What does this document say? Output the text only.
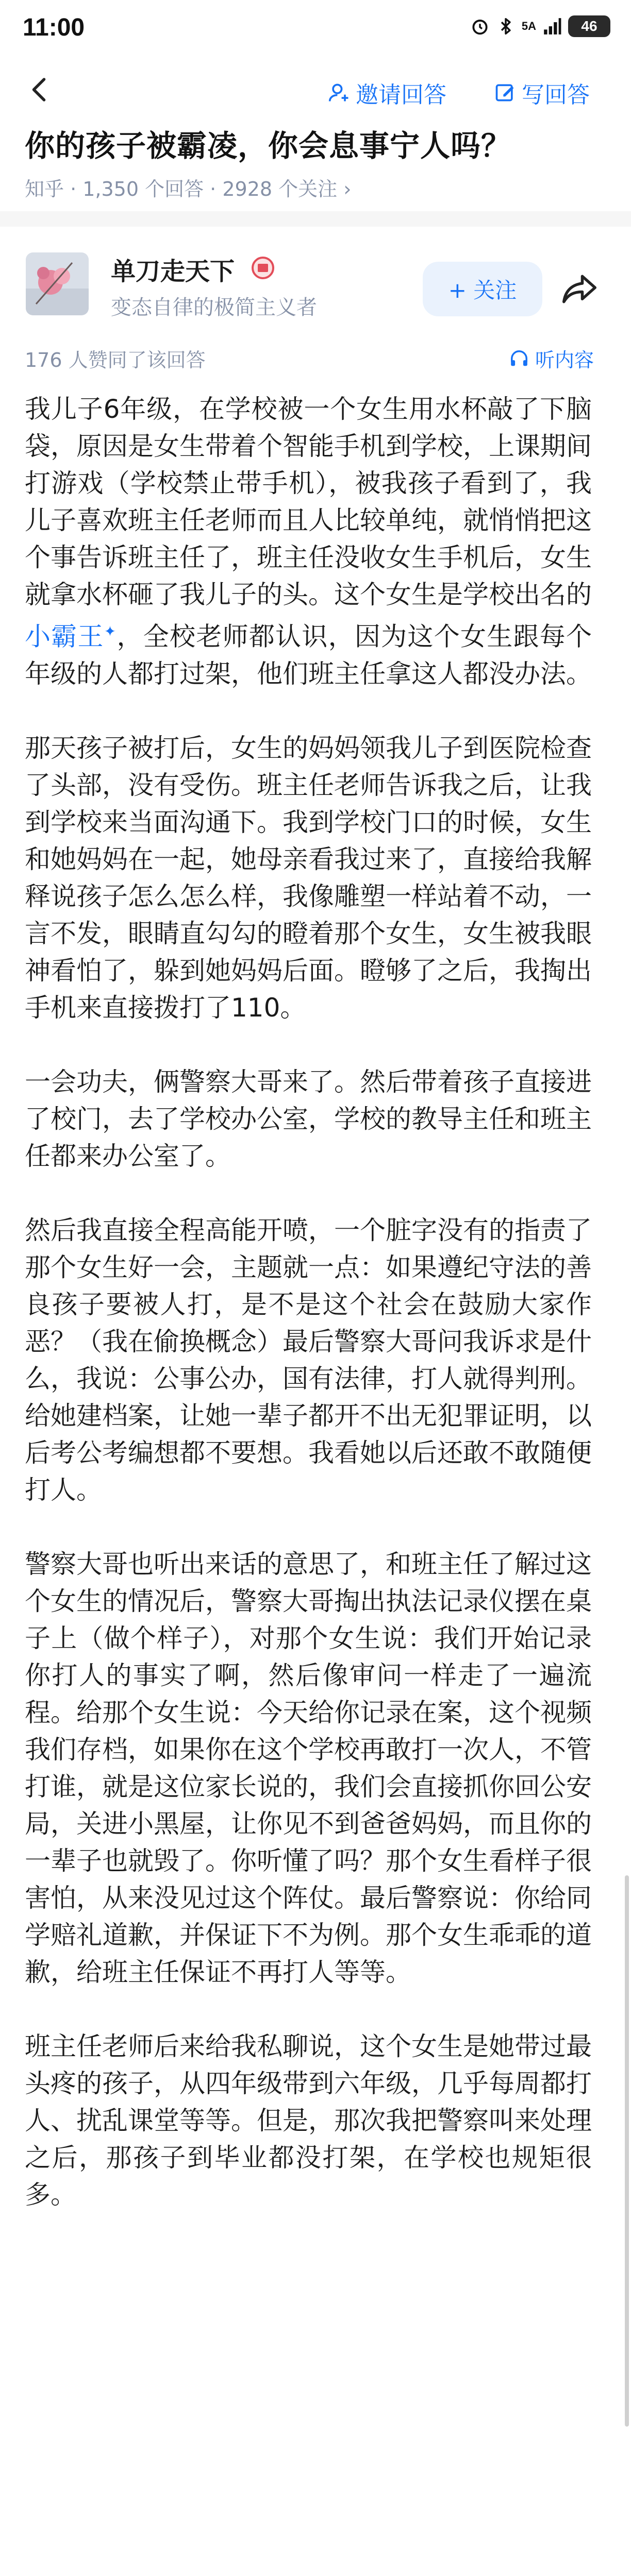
11:00	5A	46
邀请回答	写回答
你的孩子被霸凌，你会息事宁人吗？
知乎 · 1,350 个回答 · 2928 个关注 ›
单刀走天下
变态自律的极简主义者
+ 关注
176 人赞同了该回答	听内容

我儿子6年级，在学校被一个女生用水杯敲了下脑袋，原因是女生带着个智能手机到学校，上课期间打游戏（学校禁止带手机），被我孩子看到了，我儿子喜欢班主任老师而且人比较单纯，就悄悄把这个事告诉班主任了，班主任没收女生手机后，女生就拿水杯砸了我儿子的头。这个女生是学校出名的小霸王✦，全校老师都认识，因为这个女生跟每个年级的人都打过架，他们班主任拿这人都没办法。

那天孩子被打后，女生的妈妈领我儿子到医院检查了头部，没有受伤。班主任老师告诉我之后，让我到学校来当面沟通下。我到学校门口的时候，女生和她妈妈在一起，她母亲看我过来了，直接给我解释说孩子怎么怎么样，我像雕塑一样站着不动，一言不发，眼睛直勾勾的瞪着那个女生，女生被我眼神看怕了，躲到她妈妈后面。瞪够了之后，我掏出手机来直接拨打了110。

一会功夫，俩警察大哥来了。然后带着孩子直接进了校门，去了学校办公室，学校的教导主任和班主任都来办公室了。

然后我直接全程高能开喷，一个脏字没有的指责了那个女生好一会，主题就一点：如果遵纪守法的善良孩子要被人打，是不是这个社会在鼓励大家作恶？（我在偷换概念）最后警察大哥问我诉求是什么，我说：公事公办，国有法律，打人就得判刑。给她建档案，让她一辈子都开不出无犯罪证明，以后考公考编想都不要想。我看她以后还敢不敢随便打人。

警察大哥也听出来话的意思了，和班主任了解过这个女生的情况后，警察大哥掏出执法记录仪摆在桌子上（做个样子），对那个女生说：我们开始记录你打人的事实了啊，然后像审问一样走了一遍流程。给那个女生说：今天给你记录在案，这个视频我们存档，如果你在这个学校再敢打一次人，不管打谁，就是这位家长说的，我们会直接抓你回公安局，关进小黑屋，让你见不到爸爸妈妈，而且你的一辈子也就毁了。你听懂了吗？那个女生看样子很害怕，从来没见过这个阵仗。最后警察说：你给同学赔礼道歉，并保证下不为例。那个女生乖乖的道歉，给班主任保证不再打人等等。

班主任老师后来给我私聊说，这个女生是她带过最头疼的孩子，从四年级带到六年级，几乎每周都打人、扰乱课堂等等。但是，那次我把警察叫来处理之后，那孩子到毕业都没打架，在学校也规矩很多。
